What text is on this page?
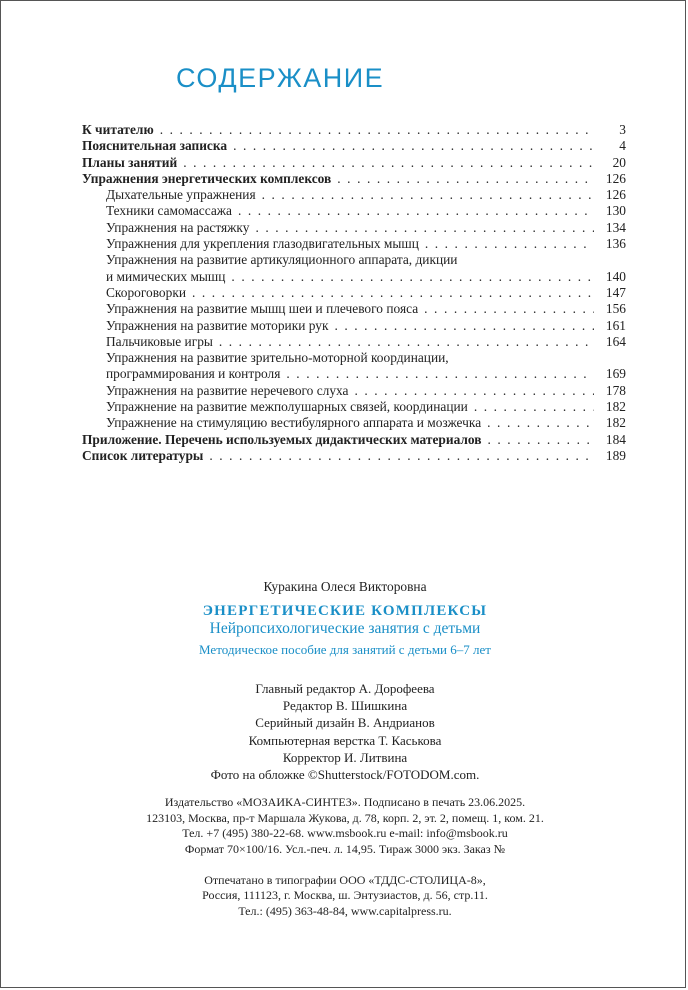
СОДЕРЖАНИЕ
К читателю . . .	3
Пояснительная записка . . .	4
Планы занятий . . .	20
Упражнения энергетических комплексов . . .	126
Дыхательные упражнения . . .	126
Техники самомассажа . . .	130
Упражнения на растяжку . . .	134
Упражнения для укрепления глазодвигательных мышц . . .	136
Упражнения на развитие артикуляционного аппарата, дикции
и мимических мышц . . .	140
Скороговорки . . .	147
Упражнения на развитие мышц шеи и плечевого пояса . . .	156
Упражнения на развитие моторики рук . . .	161
Пальчиковые игры . . .	164
Упражнения на развитие зрительно-моторной координации,
программирования и контроля . . .	169
Упражнения на развитие неречевого слуха . . .	178
Упражнение на развитие межполушарных связей, координации . . .	182
Упражнение на стимуляцию вестибулярного аппарата и мозжечка . . .	182
Приложение. Перечень используемых дидактических материалов . . .	184
Список литературы . . .	189
Куракина Олеся Викторовна
ЭНЕРГЕТИЧЕСКИЕ КОМПЛЕКСЫ
Нейропсихологические занятия с детьми
Методическое пособие для занятий с детьми 6–7 лет
Главный редактор А. Дорофеева
Редактор В. Шишкина
Серийный дизайн В. Андрианов
Компьютерная верстка Т. Каськова
Корректор И. Литвина
Фото на обложке ©Shutterstock/FOTODOM.com.
Издательство «МОЗАИКА-СИНТЕЗ». Подписано в печать 23.06.2025.
123103, Москва, пр-т Маршала Жукова, д. 78, корп. 2, эт. 2, помещ. 1, ком. 21.
Тел. +7 (495) 380-22-68. www.msbook.ru e-mail: info@msbook.ru
Формат 70×100/16. Усл.-печ. л. 14,95. Тираж 3000 экз. Заказ №
Отпечатано в типографии ООО «ТДДС-СТОЛИЦА-8»,
Россия, 111123, г. Москва, ш. Энтузиастов, д. 56, стр.11.
Тел.: (495) 363-48-84, www.capitalpress.ru.
